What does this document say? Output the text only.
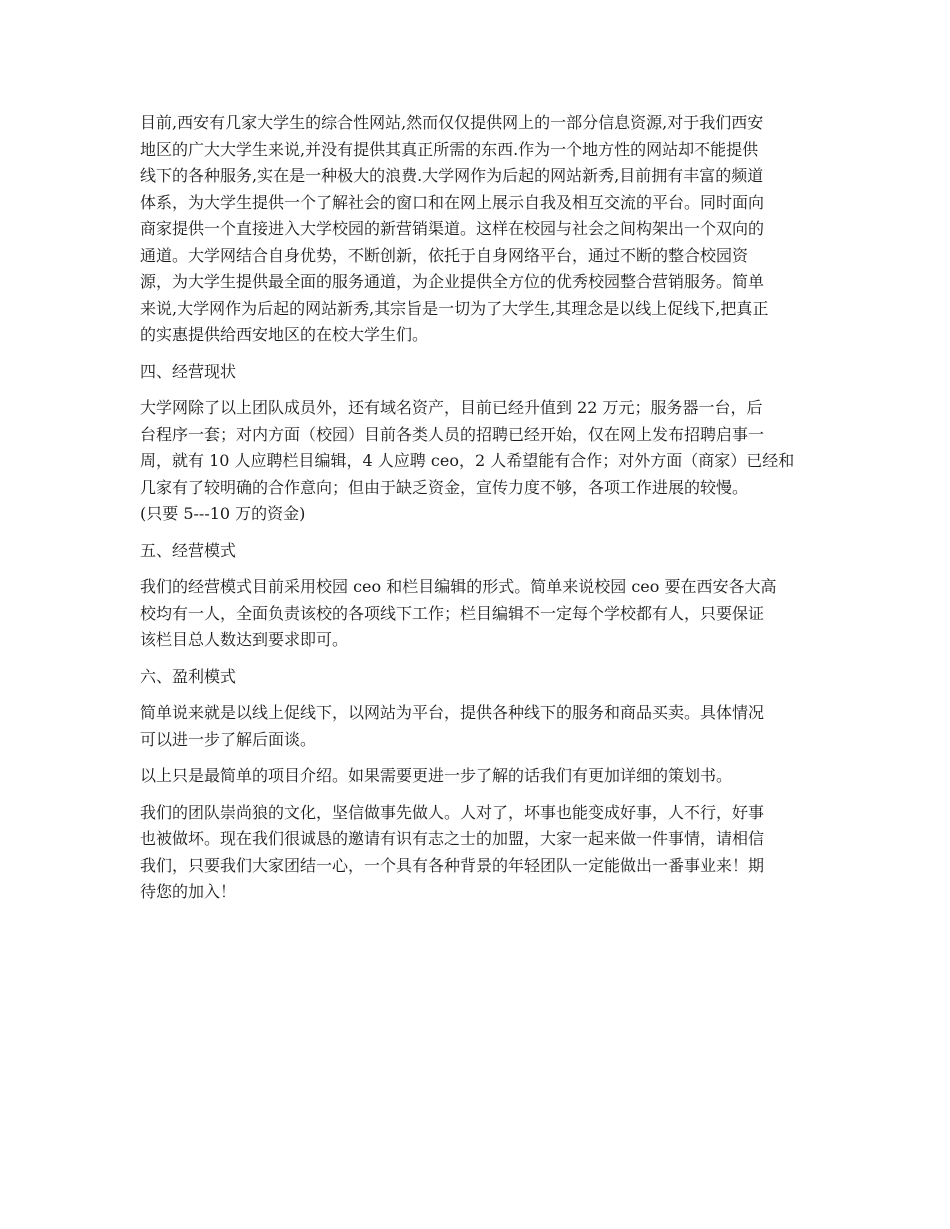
目前,西安有几家大学生的综合性网站,然而仅仅提供网上的一部分信息资源,对于我们西安
地区的广大大学生来说,并没有提供其真正所需的东西.作为一个地方性的网站却不能提供
线下的各种服务,实在是一种极大的浪费.大学网作为后起的网站新秀,目前拥有丰富的频道
体系，为大学生提供一个了解社会的窗口和在网上展示自我及相互交流的平台。同时面向
商家提供一个直接进入大学校园的新营销渠道。这样在校园与社会之间构架出一个双向的
通道。大学网结合自身优势，不断创新，依托于自身网络平台，通过不断的整合校园资
源，为大学生提供最全面的服务通道，为企业提供全方位的优秀校园整合营销服务。简单
来说,大学网作为后起的网站新秀,其宗旨是一切为了大学生,其理念是以线上促线下,把真正
的实惠提供给西安地区的在校大学生们。

四、经营现状

大学网除了以上团队成员外，还有域名资产，目前已经升值到 22 万元；服务器一台，后
台程序一套；对内方面（校园）目前各类人员的招聘已经开始，仅在网上发布招聘启事一
周，就有 10 人应聘栏目编辑，4 人应聘 ceo，2 人希望能有合作；对外方面（商家）已经和
几家有了较明确的合作意向；但由于缺乏资金，宣传力度不够，各项工作进展的较慢。
(只要 5---10 万的资金)

五、经营模式

我们的经营模式目前采用校园 ceo 和栏目编辑的形式。简单来说校园 ceo 要在西安各大高
校均有一人，全面负责该校的各项线下工作；栏目编辑不一定每个学校都有人，只要保证
该栏目总人数达到要求即可。

六、盈利模式

简单说来就是以线上促线下，以网站为平台，提供各种线下的服务和商品买卖。具体情况
可以进一步了解后面谈。

以上只是最简单的项目介绍。如果需要更进一步了解的话我们有更加详细的策划书。

我们的团队崇尚狼的文化，坚信做事先做人。人对了，坏事也能变成好事，人不行，好事
也被做坏。现在我们很诚恳的邀请有识有志之士的加盟，大家一起来做一件事情，请相信
我们，只要我们大家团结一心，一个具有各种背景的年轻团队一定能做出一番事业来！期
待您的加入！
